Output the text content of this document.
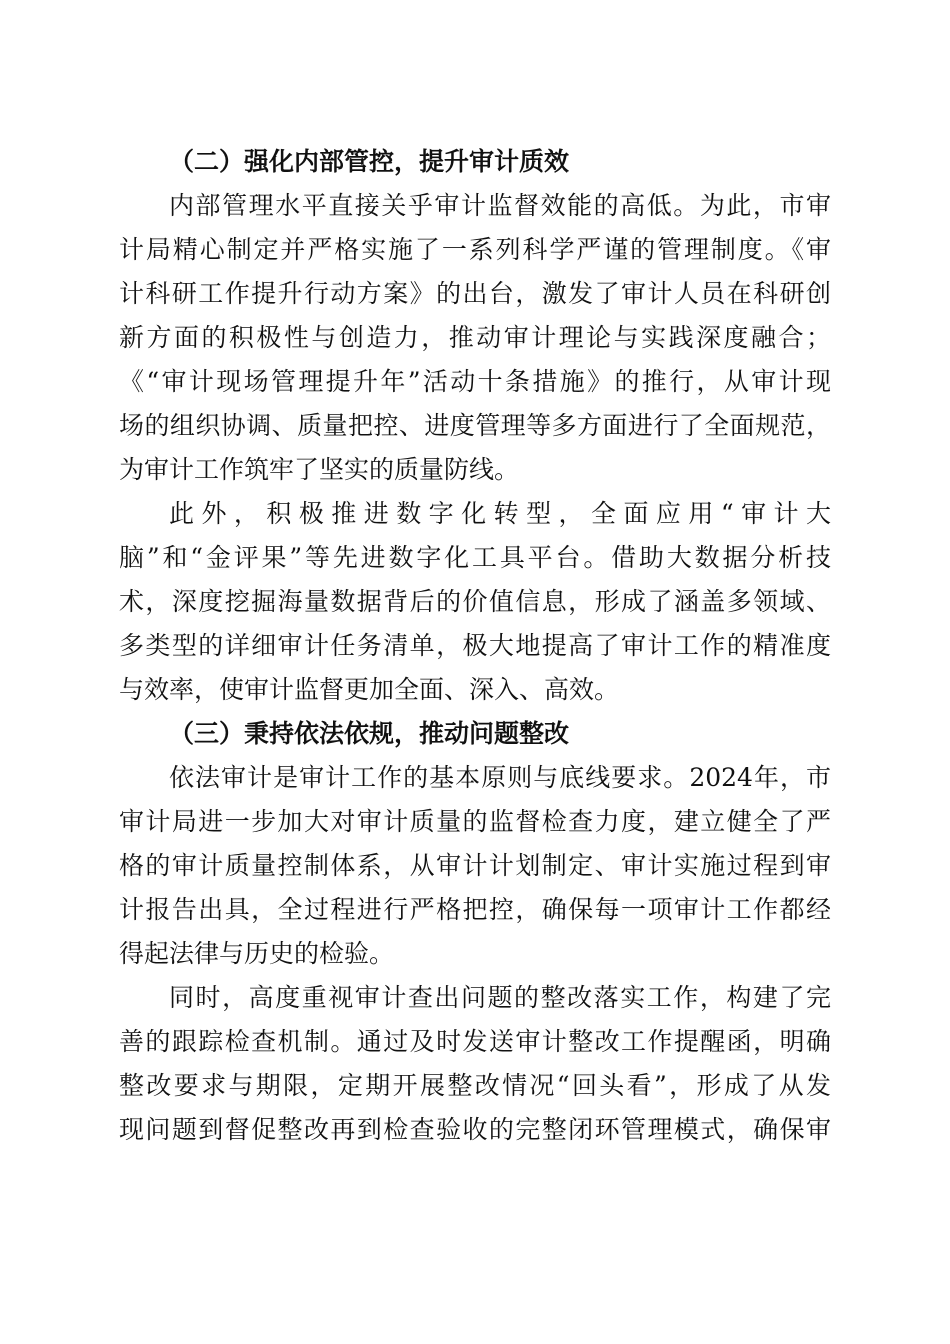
（二）强化内部管控，提升审计质效
内部管理水平直接关乎审计监督效能的高低。为此，市审
计局精心制定并严格实施了一系列科学严谨的管理制度。《审
计科研工作提升行动方案》的出台，激发了审计人员在科研创
新方面的积极性与创造力，推动审计理论与实践深度融合；
《“审计现场管理提升年”活动十条措施》的推行，从审计现
场的组织协调、质量把控、进度管理等多方面进行了全面规范，
为审计工作筑牢了坚实的质量防线。
此外，积极推进数字化转型，全面应用“审计大
脑”和“金评果”等先进数字化工具平台。借助大数据分析技
术，深度挖掘海量数据背后的价值信息，形成了涵盖多领域、
多类型的详细审计任务清单，极大地提高了审计工作的精准度
与效率，使审计监督更加全面、深入、高效。
（三）秉持依法依规，推动问题整改
依法审计是审计工作的基本原则与底线要求。2024年，市
审计局进一步加大对审计质量的监督检查力度，建立健全了严
格的审计质量控制体系，从审计计划制定、审计实施过程到审
计报告出具，全过程进行严格把控，确保每一项审计工作都经
得起法律与历史的检验。
同时，高度重视审计查出问题的整改落实工作，构建了完
善的跟踪检查机制。通过及时发送审计整改工作提醒函，明确
整改要求与期限，定期开展整改情况“回头看”，形成了从发
现问题到督促整改再到检查验收的完整闭环管理模式，确保审
